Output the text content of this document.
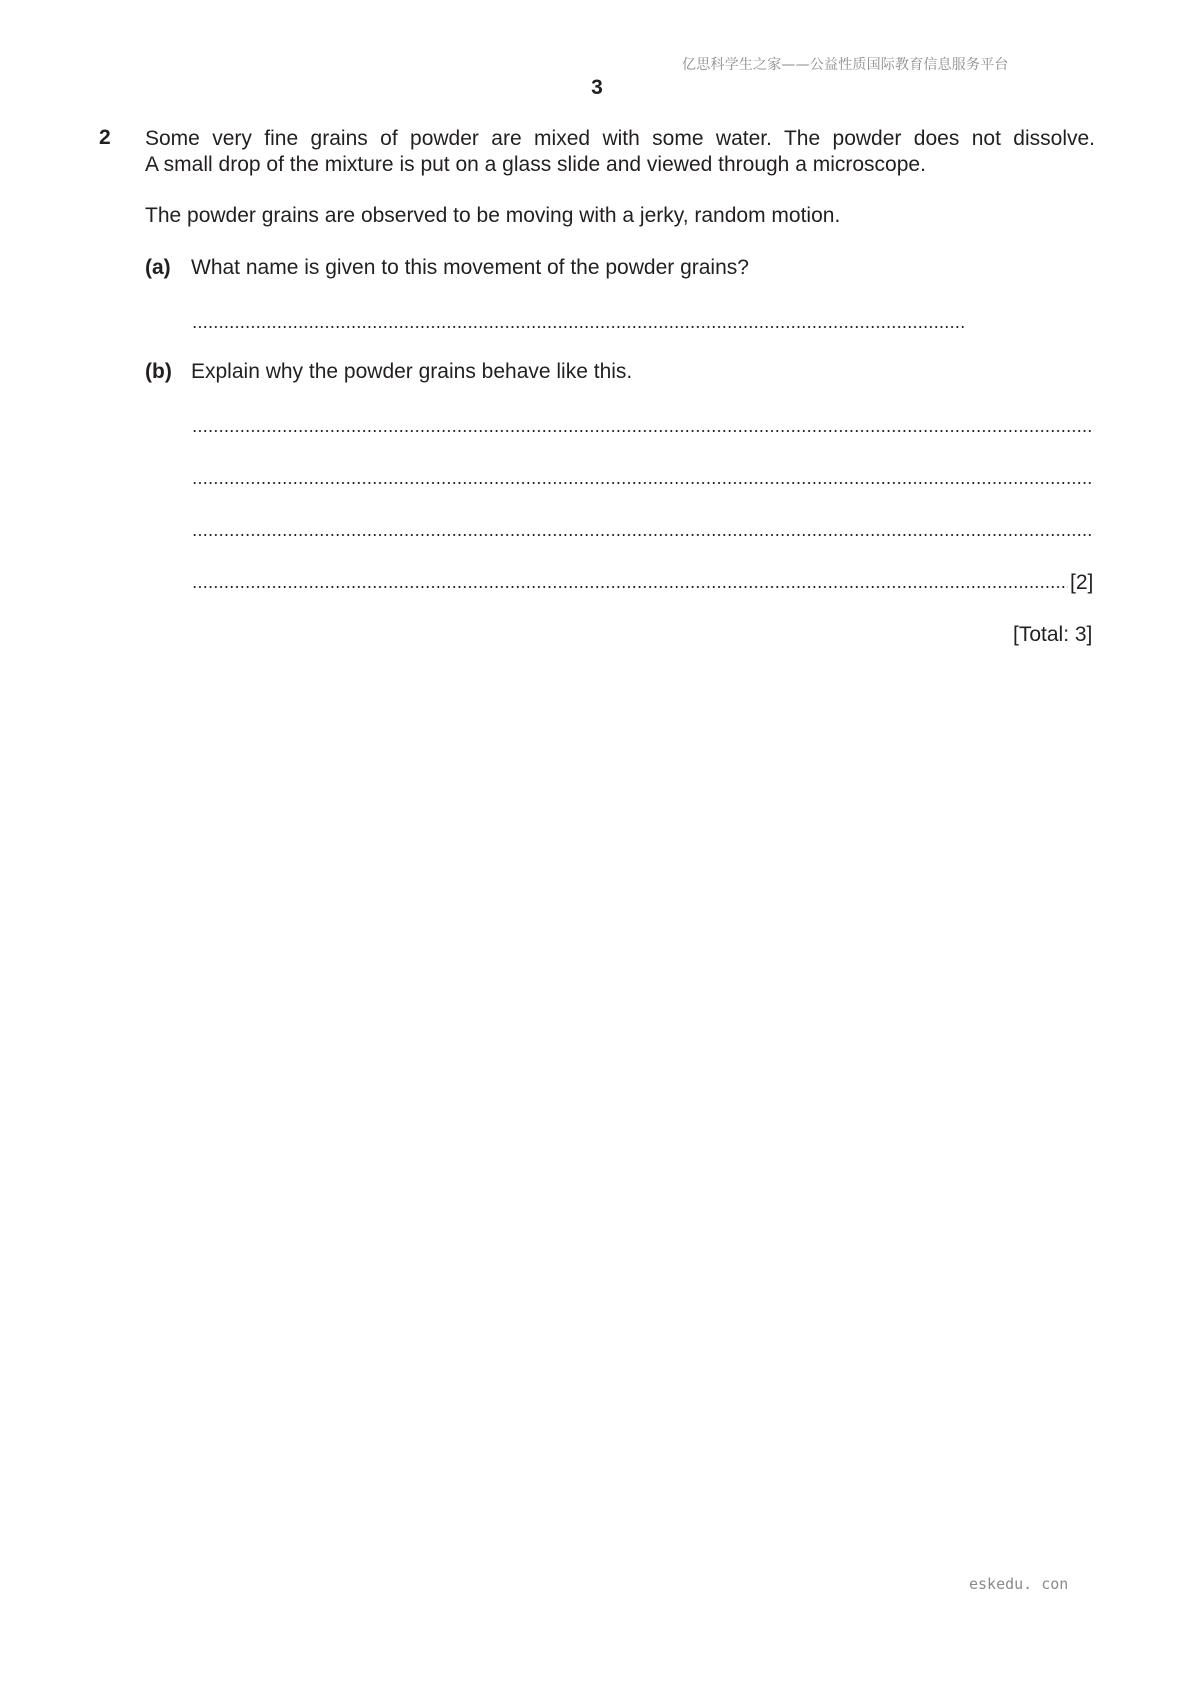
亿思科学生之家——公益性质国际教育信息服务平台
3
2 Some very fine grains of powder are mixed with some water. The powder does not dissolve.
A small drop of the mixture is put on a glass slide and viewed through a microscope.
The powder grains are observed to be moving with a jerky, random motion.
(a) What name is given to this movement of the powder grains?
(b) Explain why the powder grains behave like this.
[2]
[Total: 3]
eskedu. con
